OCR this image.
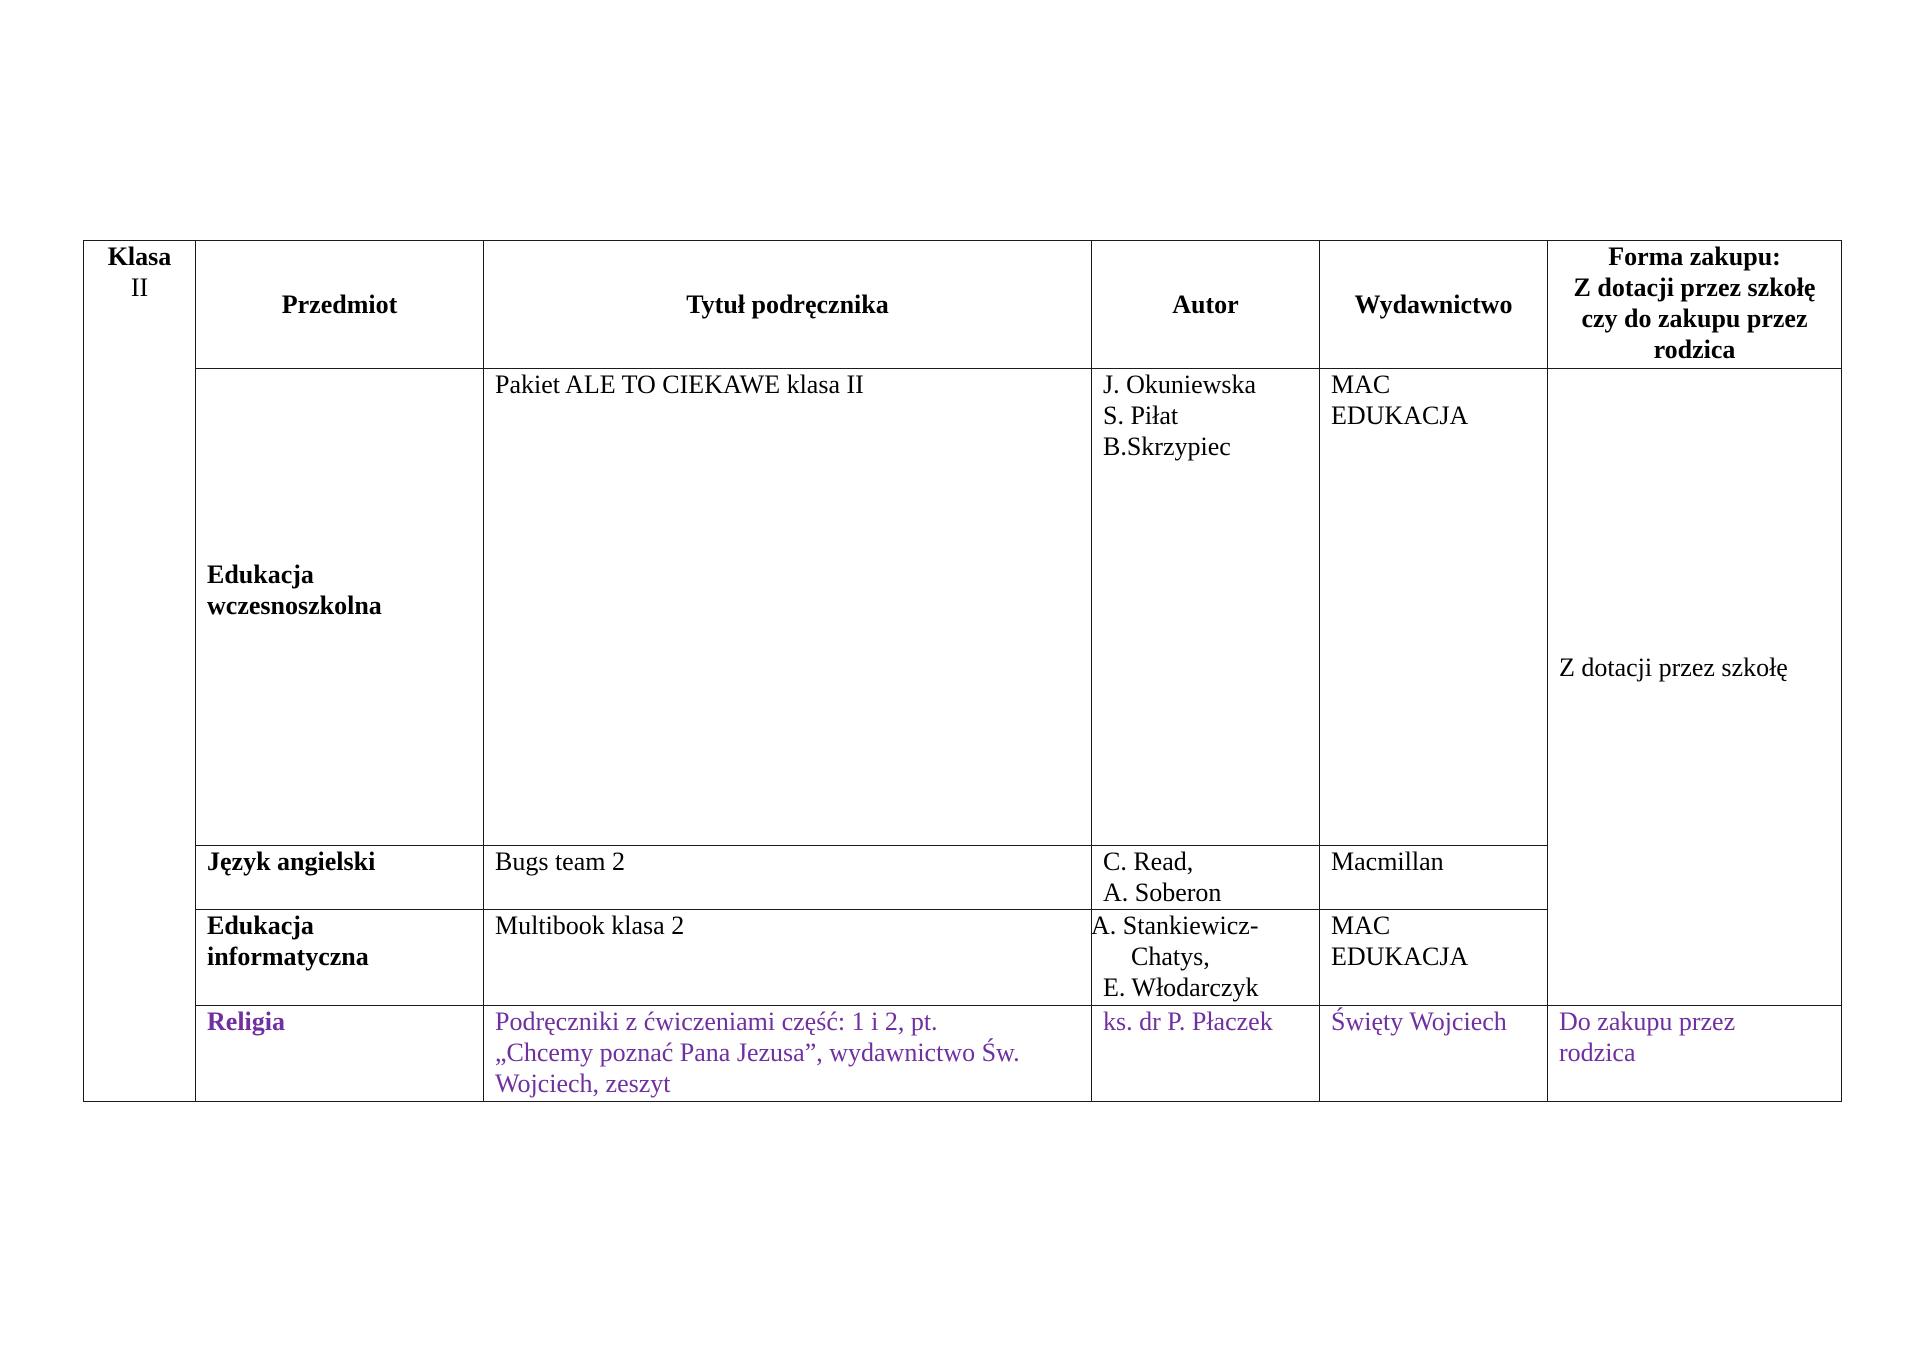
Klasa
II	Przedmiot	Tytuł podręcznika	Autor	Wydawnictwo	Forma zakupu:
Z dotacji przez szkołę
czy do zakupu przez
rodzica

	Edukacja
wczesnoszkolna	Pakiet ALE TO CIEKAWE klasa II	J. Okuniewska
S. Piłat
B.Skrzypiec	MAC
EDUKACJA	Z dotacji przez szkołę

	Język angielski	Bugs team 2	C. Read,
A. Soberon	Macmillan	

	Edukacja
informatyczna	Multibook klasa 2	A. Stankiewicz-
Chatys,
E. Włodarczyk	MAC
EDUKACJA	

	Religia	Podręczniki z ćwiczeniami część: 1 i 2, pt.
„Chcemy poznać Pana Jezusa”, wydawnictwo Św.
Wojciech, zeszyt	ks. dr P. Płaczek	Święty Wojciech	Do zakupu przez
rodzica
